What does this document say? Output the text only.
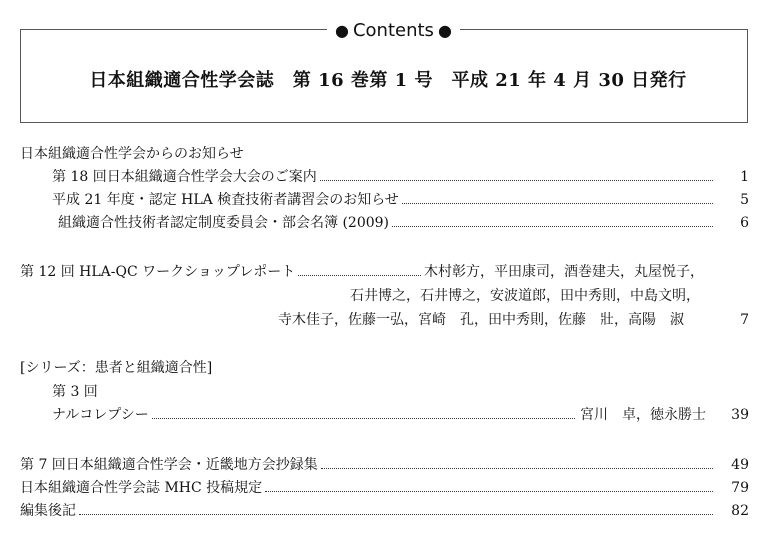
● Contents ●
日本組織適合性学会誌　第 16 巻第 1 号　平成 21 年 4 月 30 日発行
日本組織適合性学会からのお知らせ
第 18 回日本組織適合性学会大会のご案内	1
平成 21 年度・認定 HLA 検査技術者講習会のお知らせ	5
組織適合性技術者認定制度委員会・部会名簿 (2009)	6
第 12 回 HLA-QC ワークショップレポート	木村彰方，平田康司，酒巻建夫，丸屋悦子，
石井博之，石井博之，安波道郎，田中秀則，中島文明，
寺木佳子，佐藤一弘，宮崎　孔，田中秀則，佐藤　壯，高陽　淑	7
[シリーズ：患者と組織適合性]
第 3 回
ナルコレプシー	宮川　卓，徳永勝士	39
第 7 回日本組織適合性学会・近畿地方会抄録集	49
日本組織適合性学会誌 MHC 投稿規定	79
編集後記	82
